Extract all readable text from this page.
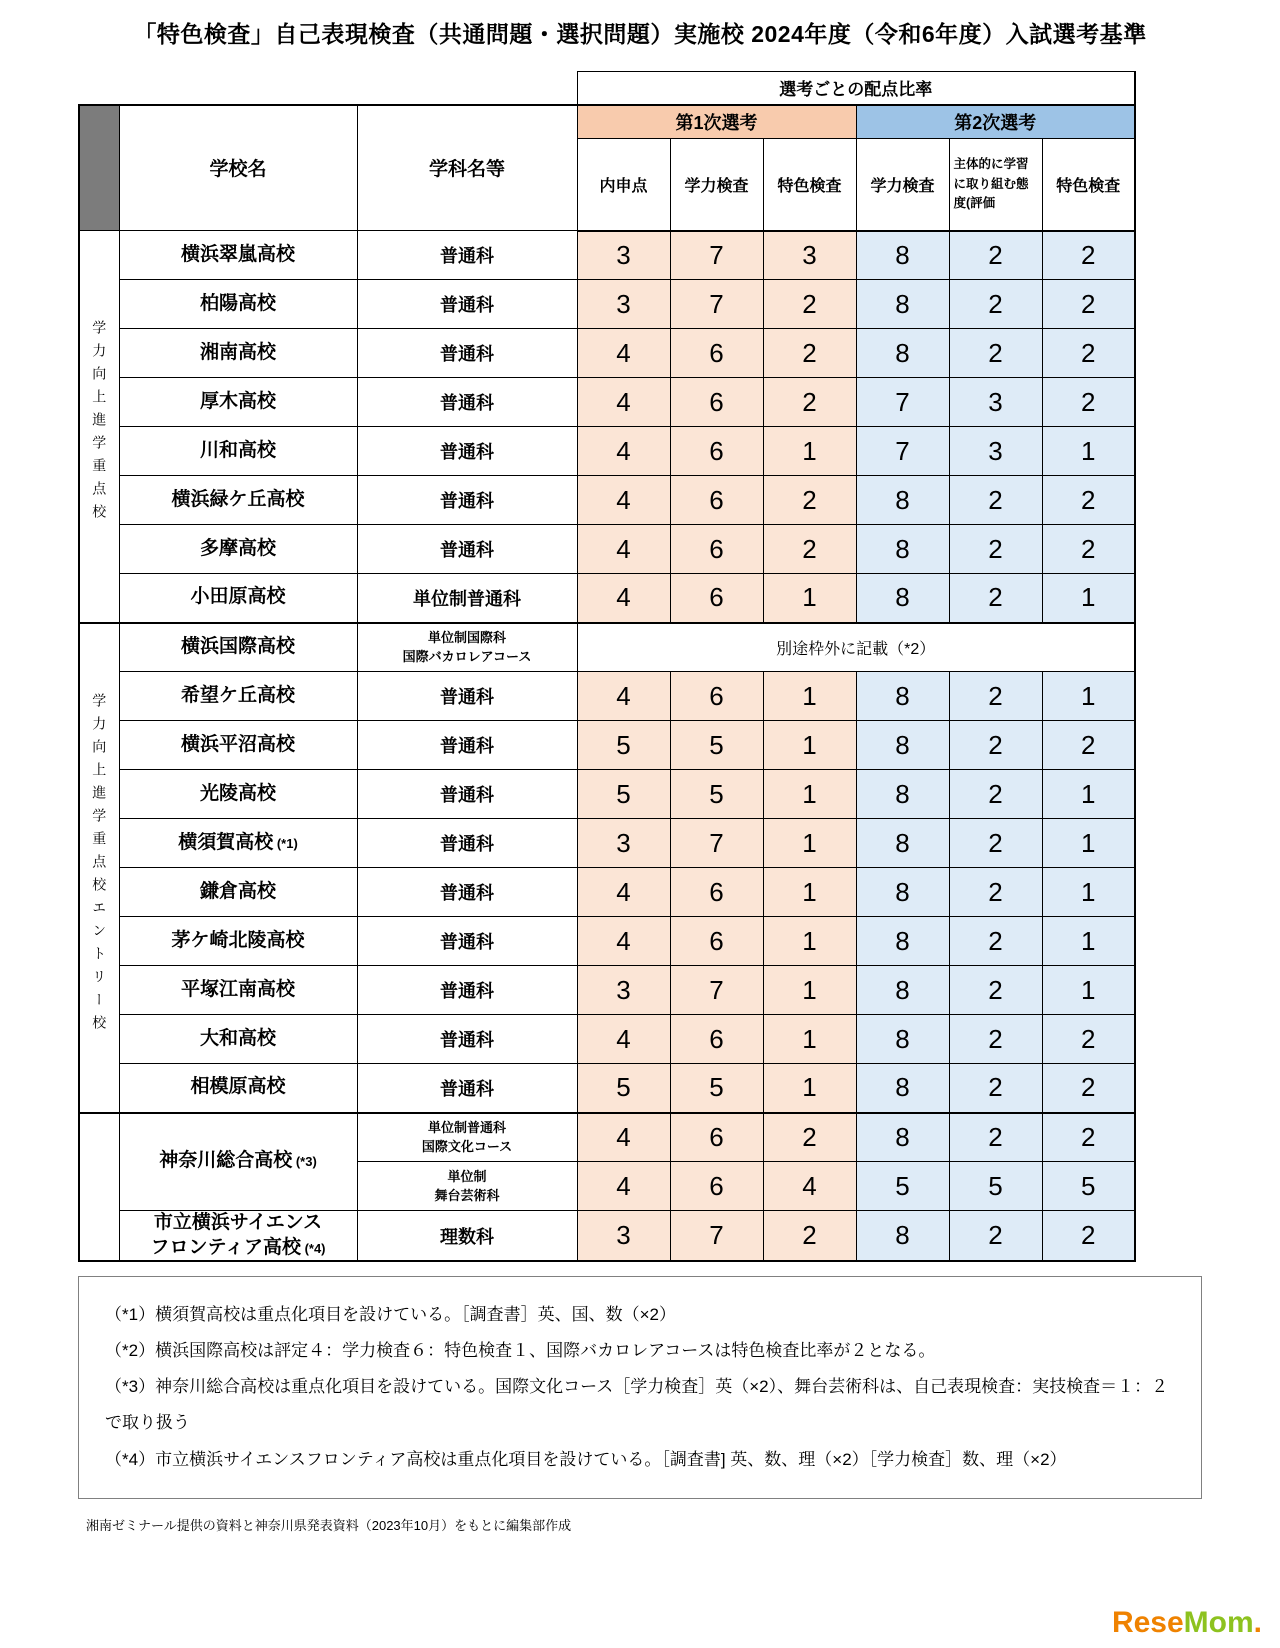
「特色検査」自己表現検査（共通問題・選択問題）実施校 2024年度（令和6年度）入試選考基準
			選考ごとの配点比率					
	学校名	学科名等	第1次選考			第2次選考		
			内申点	学力検査	特色検査	学力検査	主体的に学習に取り組む態度(評価	特色検査
学力向上進学重点校	横浜翠嵐高校	普通科	3	7	3	8	2	2

	柏陽高校	普通科	3	7	2	8	2	2

	湘南高校	普通科	4	6	2	8	2	2

	厚木高校	普通科	4	6	2	7	3	2

	川和高校	普通科	4	6	1	7	3	1

	横浜緑ケ丘高校	普通科	4	6	2	8	2	2

	多摩高校	普通科	4	6	2	8	2	2

	小田原高校	単位制普通科	4	6	1	8	2	1
学力向上進学重点校エントリー校	横浜国際高校	単位制国際科
国際バカロレアコース	別途枠外に記載（*2）					

	希望ケ丘高校	普通科	4	6	1	8	2	1

	横浜平沼高校	普通科	5	5	1	8	2	2

	光陵高校	普通科	5	5	1	8	2	1

	横須賀高校 (*1)	普通科	3	7	1	8	2	1

	鎌倉高校	普通科	4	6	1	8	2	1

	茅ケ崎北陵高校	普通科	4	6	1	8	2	1

	平塚江南高校	普通科	3	7	1	8	2	1

	大和高校	普通科	4	6	1	8	2	2

	相模原高校	普通科	5	5	1	8	2	2

	神奈川総合高校 (*3)	単位制普通科
国際文化コース	4	6	2	8	2	2

		単位制
舞台芸術科	4	6	4	5	5	5

	市立横浜サイエンス
フロンティア高校 (*4)	理数科	3	7	2	8	2	2

（*1）横須賀高校は重点化項目を設けている。［調査書］英、国、数（×2）

（*2）横浜国際高校は評定４：学力検査６：特色検査１、国際バカロレアコースは特色検査比率が２となる。

（*3）神奈川総合高校は重点化項目を設けている。国際文化コース［学力検査］英（×2）、舞台芸術科は、自己表現検査：実技検査＝１：２で取り扱う

（*4）市立横浜サイエンスフロンティア高校は重点化項目を設けている。［調査書] 英、数、理（×2）［学力検査］数、理（×2）

湘南ゼミナール提供の資料と神奈川県発表資料（2023年10月）をもとに編集部作成
ReseMom.
